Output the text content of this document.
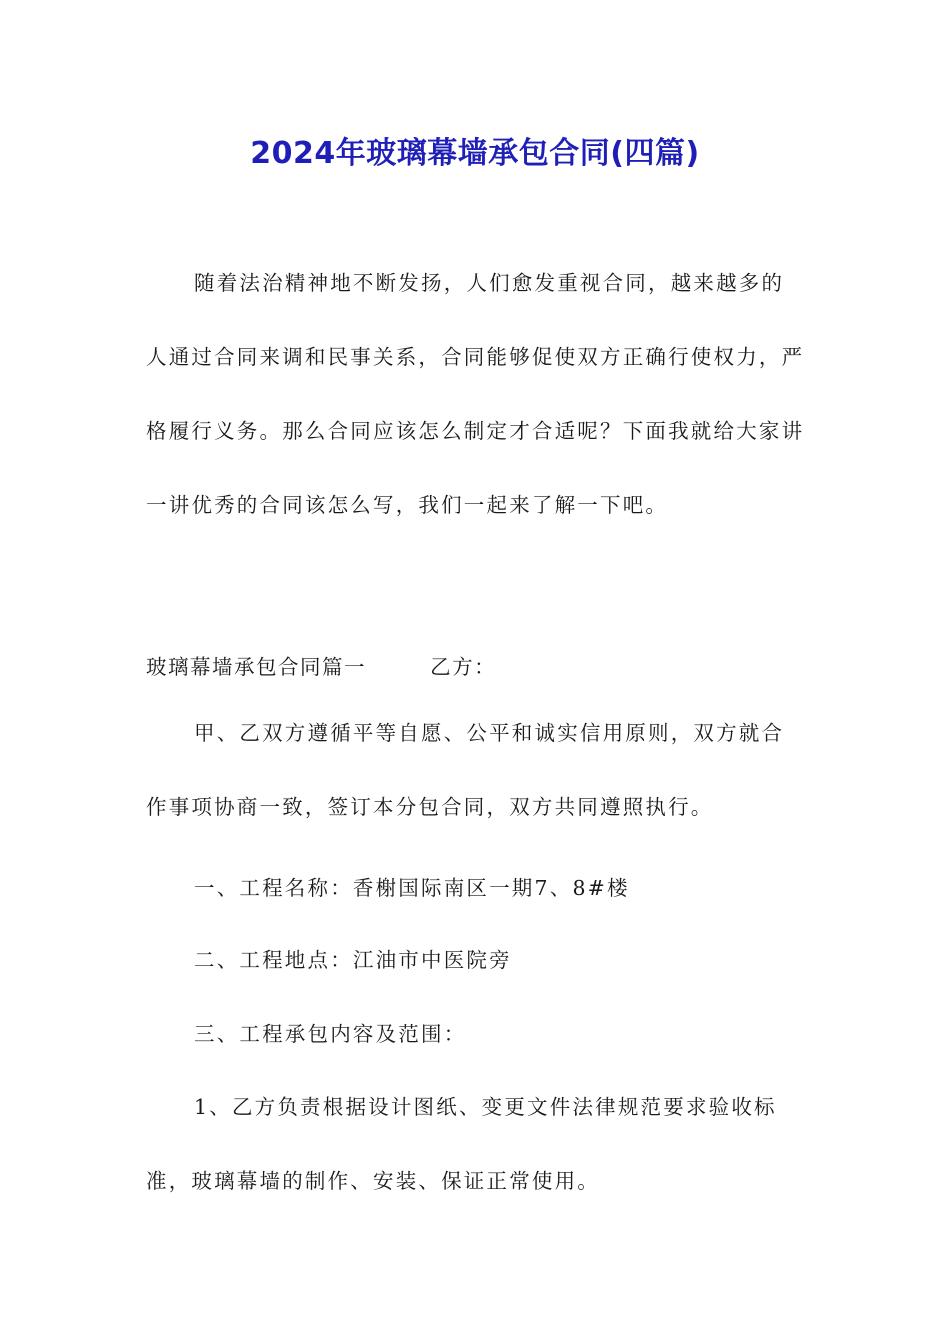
2024年玻璃幕墙承包合同(四篇)

随着法治精神地不断发扬，人们愈发重视合同，越来越多的人通过合同来调和民事关系，合同能够促使双方正确行使权力，严格履行义务。那么合同应该怎么制定才合适呢？下面我就给大家讲一讲优秀的合同该怎么写，我们一起来了解一下吧。

玻璃幕墙承包合同篇一        乙方：

甲、乙双方遵循平等自愿、公平和诚实信用原则，双方就合作事项协商一致，签订本分包合同，双方共同遵照执行。

一、工程名称：香榭国际南区一期7、8#楼

二、工程地点：江油市中医院旁

三、工程承包内容及范围：

1、乙方负责根据设计图纸、变更文件法律规范要求验收标准，玻璃幕墙的制作、安装、保证正常使用。
